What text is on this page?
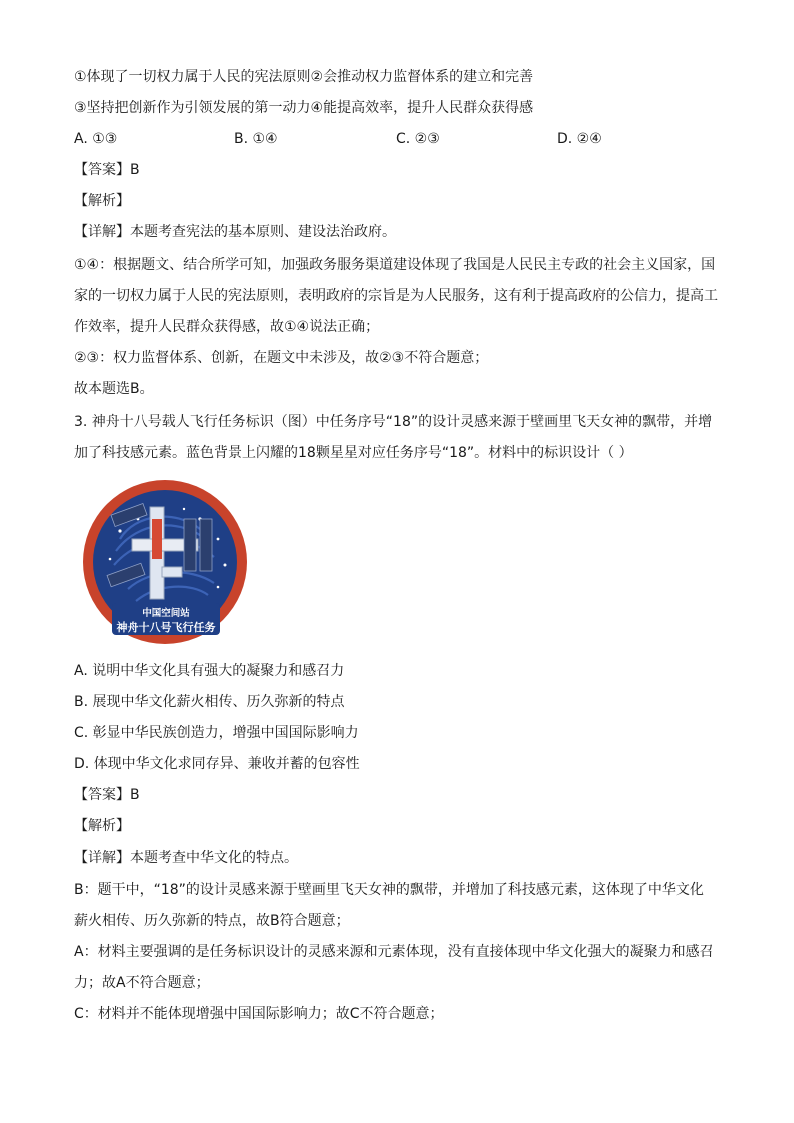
①体现了一切权力属于人民的宪法原则②会推动权力监督体系的建立和完善
③坚持把创新作为引领发展的第一动力④能提高效率，提升人民群众获得感
A. ①③	B. ①④	C. ②③	D. ②④
【答案】B
【解析】
【详解】本题考查宪法的基本原则、建设法治政府。
①④：根据题文、结合所学可知，加强政务服务渠道建设体现了我国是人民民主专政的社会主义国家，国
家的一切权力属于人民的宪法原则，表明政府的宗旨是为人民服务，这有利于提高政府的公信力，提高工
作效率，提升人民群众获得感，故①④说法正确；
②③：权力监督体系、创新，在题文中未涉及，故②③不符合题意；
故本题选B。
3. 神舟十八号载人飞行任务标识（图）中任务序号“18”的设计灵感来源于壁画里飞天女神的飘带，并增
加了科技感元素。蓝色背景上闪耀的18颗星星对应任务序号“18”。材料中的标识设计（ ）
中国空间站
神舟十八号飞行任务
A. 说明中华文化具有强大的凝聚力和感召力
B. 展现中华文化薪火相传、历久弥新的特点
C. 彰显中华民族创造力，增强中国国际影响力
D. 体现中华文化求同存异、兼收并蓄的包容性
【答案】B
【解析】
【详解】本题考查中华文化的特点。
B：题干中，“18”的设计灵感来源于壁画里飞天女神的飘带，并增加了科技感元素，这体现了中华文化
薪火相传、历久弥新的特点，故B符合题意；
A：材料主要强调的是任务标识设计的灵感来源和元素体现，没有直接体现中华文化强大的凝聚力和感召
力；故A不符合题意；
C：材料并不能体现增强中国国际影响力；故C不符合题意；
